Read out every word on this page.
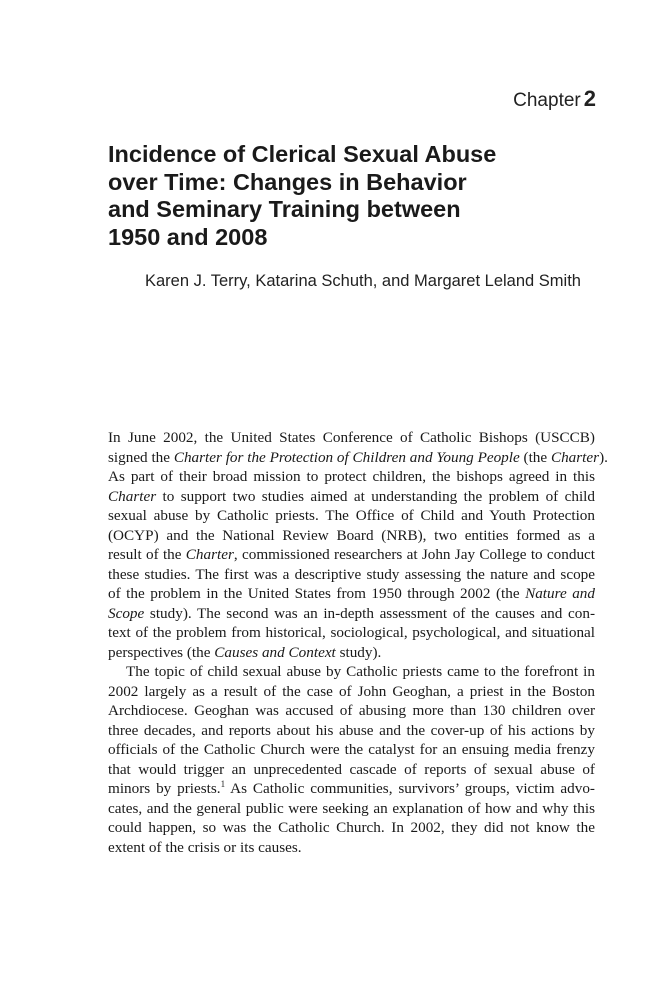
Chapter 2
Incidence of Clerical Sexual Abuse
over Time: Changes in Behavior
and Seminary Training between
1950 and 2008
Karen J. Terry, Katarina Schuth, and Margaret Leland Smith
In June 2002, the United States Conference of Catholic Bishops (USCCB)
signed the Charter for the Protection of Children and Young People (the Charter).
As part of their broad mission to protect children, the bishops agreed in this
Charter to support two studies aimed at understanding the problem of child
sexual abuse by Catholic priests. The Office of Child and Youth Protection
(OCYP) and the National Review Board (NRB), two entities formed as a
result of the Charter, commissioned researchers at John Jay College to conduct
these studies. The first was a descriptive study assessing the nature and scope
of the problem in the United States from 1950 through 2002 (the Nature and
Scope study). The second was an in-depth assessment of the causes and con-
text of the problem from historical, sociological, psychological, and situational
perspectives (the Causes and Context study).
The topic of child sexual abuse by Catholic priests came to the forefront in
2002 largely as a result of the case of John Geoghan, a priest in the Boston
Archdiocese. Geoghan was accused of abusing more than 130 children over
three decades, and reports about his abuse and the cover-up of his actions by
officials of the Catholic Church were the catalyst for an ensuing media frenzy
that would trigger an unprecedented cascade of reports of sexual abuse of
minors by priests.$^1$ As Catholic communities, survivors’ groups, victim advo-
cates, and the general public were seeking an explanation of how and why this
could happen, so was the Catholic Church. In 2002, they did not know the
extent of the crisis or its causes.
